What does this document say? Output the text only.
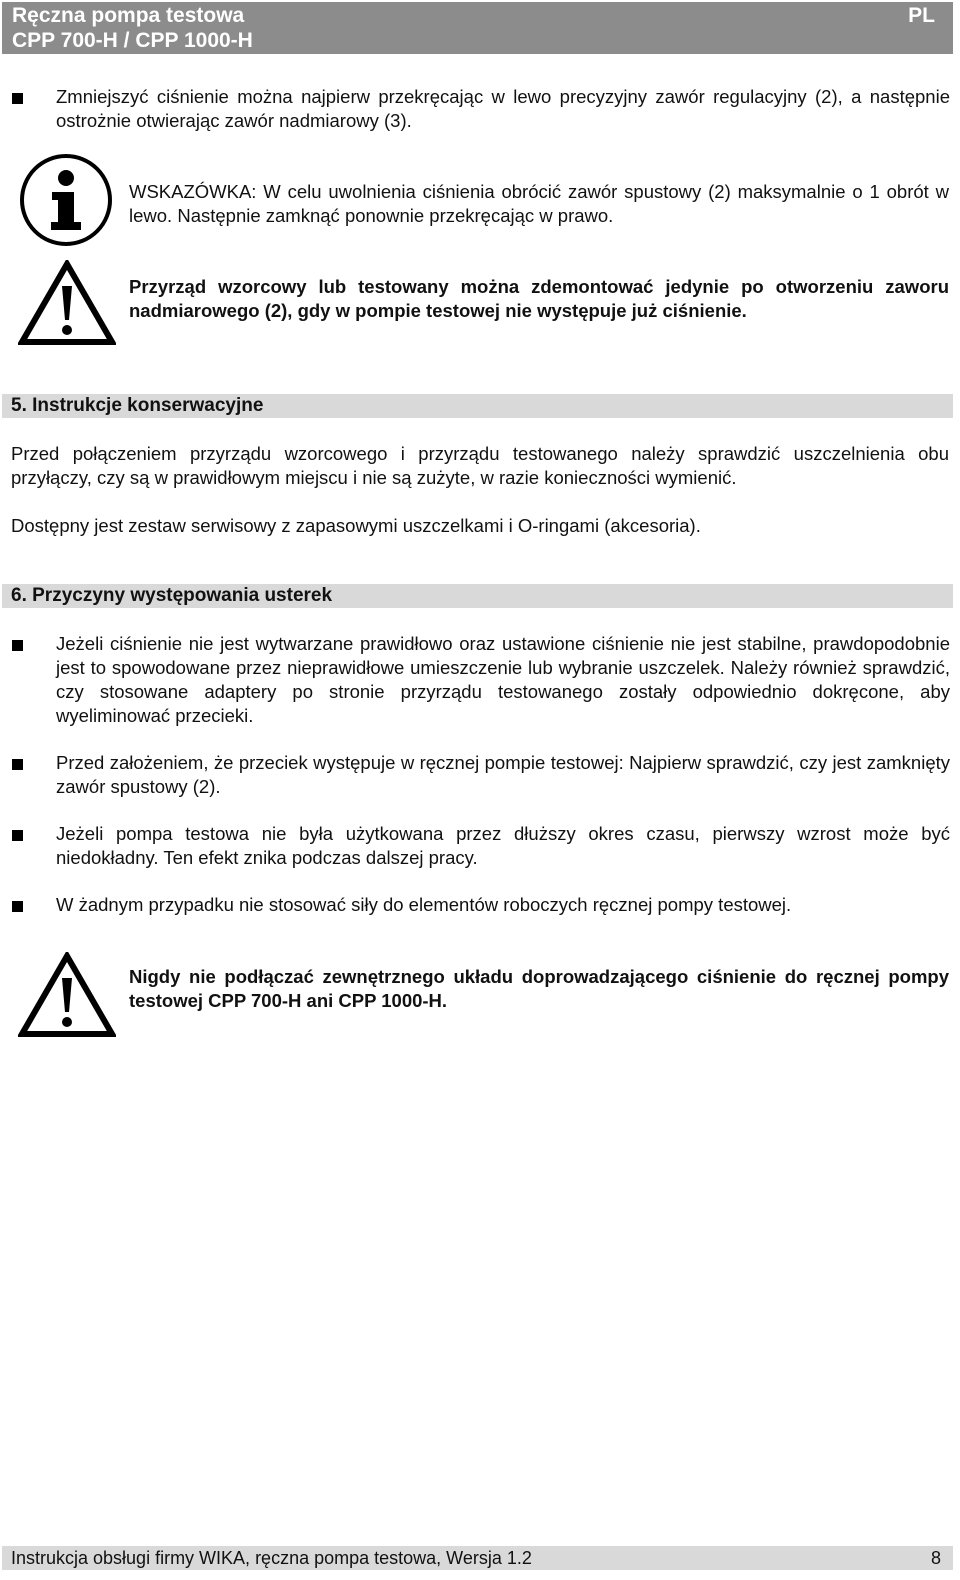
Ręczna pompa testowa
CPP 700-H / CPP 1000-H
PL
Zmniejszyć ciśnienie można najpierw przekręcając w lewo precyzyjny zawór regulacyjny (2), a następnie ostrożnie otwierając zawór nadmiarowy (3).
WSKAZÓWKA: W celu uwolnienia ciśnienia obrócić zawór spustowy (2) maksymalnie o 1 obrót w lewo. Następnie zamknąć ponownie przekręcając w prawo.
Przyrząd wzorcowy lub testowany można zdemontować jedynie po otworzeniu zaworu nadmiarowego (2), gdy w pompie testowej nie występuje już ciśnienie.
5. Instrukcje konserwacyjne
Przed połączeniem przyrządu wzorcowego i przyrządu testowanego należy sprawdzić uszczelnienia obu przyłączy, czy są w prawidłowym miejscu i nie są zużyte, w razie konieczności wymienić.
Dostępny jest zestaw serwisowy z zapasowymi uszczelkami i O-ringami (akcesoria).
6. Przyczyny występowania usterek
Jeżeli ciśnienie nie jest wytwarzane prawidłowo oraz ustawione ciśnienie nie jest stabilne, prawdopodobnie jest to spowodowane przez nieprawidłowe umieszczenie lub wybranie uszczelek. Należy również sprawdzić, czy stosowane adaptery po stronie przyrządu testowanego zostały odpowiednio dokręcone, aby wyeliminować przecieki.
Przed założeniem, że przeciek występuje w ręcznej pompie testowej: Najpierw sprawdzić, czy jest zamknięty zawór spustowy (2).
Jeżeli pompa testowa nie była użytkowana przez dłuższy okres czasu, pierwszy wzrost może być niedokładny. Ten efekt znika podczas dalszej pracy.
W żadnym przypadku nie stosować siły do elementów roboczych ręcznej pompy testowej.
Nigdy nie podłączać zewnętrznego układu doprowadzającego ciśnienie do ręcznej pompy testowej CPP 700-H ani CPP 1000-H.
Instrukcja obsługi firmy WIKA, ręczna pompa testowa, Wersja 1.2	8
